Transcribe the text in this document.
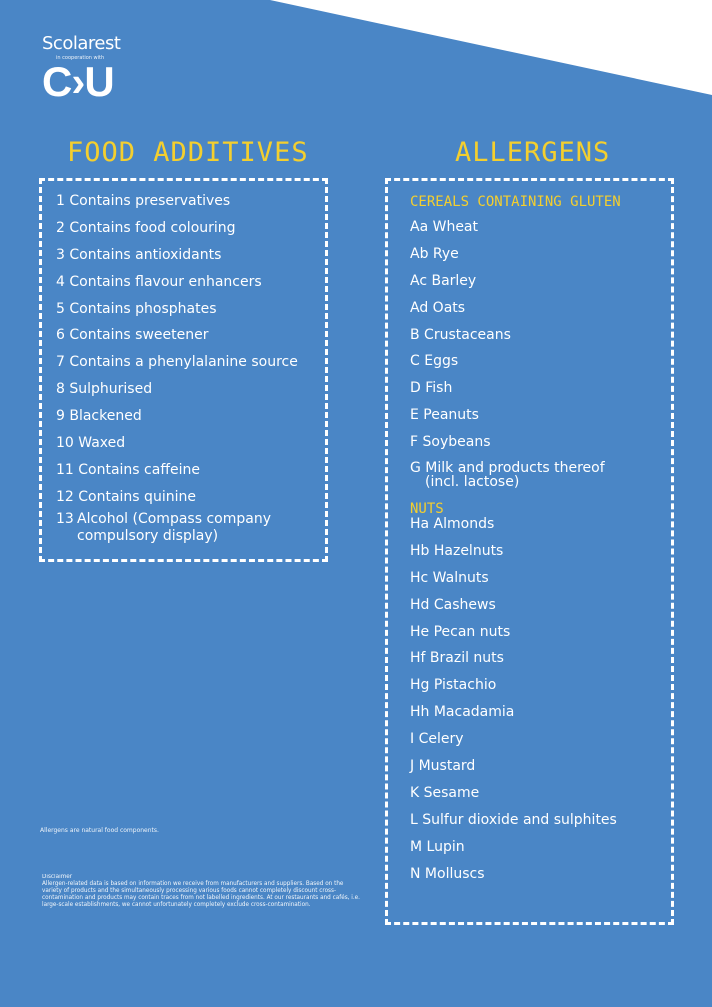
Scolarest
in cooperation with
C›U
FOOD ADDITIVES	ALLERGENS
1 Contains preservatives
2 Contains food colouring
3 Contains antioxidants
4 Contains flavour enhancers
5 Contains phosphates
6 Contains sweetener
7 Contains a phenylalanine source
8 Sulphurised
9 Blackened
10 Waxed
11 Contains caffeine
12 Contains quinine
13 Alcohol (Compass company compulsory display)
CEREALS CONTAINING GLUTEN
Aa Wheat
Ab Rye
Ac Barley
Ad Oats
B Crustaceans
C Eggs
D Fish
E Peanuts
F Soybeans
G Milk and products thereof
(incl. lactose)
NUTS
Ha Almonds
Hb Hazelnuts
Hc Walnuts
Hd Cashews
He Pecan nuts
Hf Brazil nuts
Hg Pistachio
Hh Macadamia
I Celery
J Mustard
K Sesame
L Sulfur dioxide and sulphites
M Lupin
N Molluscs
Allergens are natural food components.
Disclaimer
Allergen-related data is based on information we receive from manufacturers and suppliers. Based on the variety of products and the simultaneously processing various foods cannot completely discount cross-contamination and products may contain traces from not labelled ingredients. At our restaurants and cafés, i.e. large-scale establishments, we cannot unfortunately completely exclude cross-contamination.
